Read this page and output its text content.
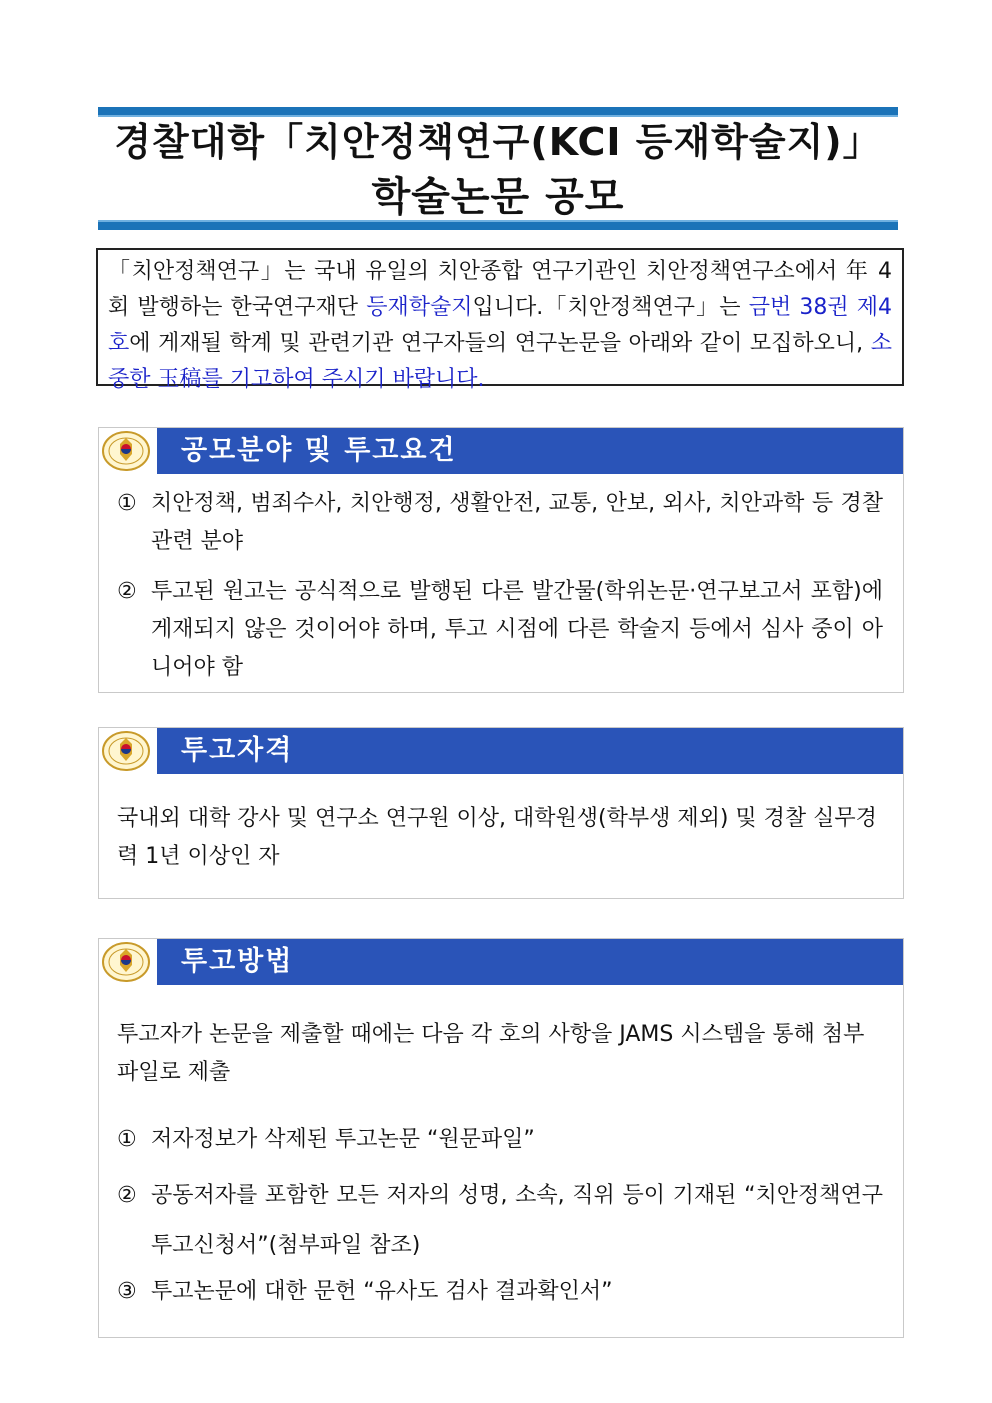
경찰대학「치안정책연구(KCI 등재학술지)」
학술논문 공모
「치안정책연구」는 국내 유일의 치안종합 연구기관인 치안정책연구소에서 年 4회 발행하는 한국연구재단 등재학술지입니다.「치안정책연구」는 금번 38권 제4호에 게재될 학계 및 관련기관 연구자들의 연구논문을 아래와 같이 모집하오니, 소중한 玉稿를 기고하여 주시기 바랍니다.
공모분야 및 투고요건
① 치안정책, 범죄수사, 치안행정, 생활안전, 교통, 안보, 외사, 치안과학 등 경찰관련 분야
② 투고된 원고는 공식적으로 발행된 다른 발간물(학위논문·연구보고서 포함)에 게재되지 않은 것이어야 하며, 투고 시점에 다른 학술지 등에서 심사 중이 아니어야 함
투고자격
국내외 대학 강사 및 연구소 연구원 이상, 대학원생(학부생 제외) 및 경찰 실무경력 1년 이상인 자
투고방법
투고자가 논문을 제출할 때에는 다음 각 호의 사항을 JAMS 시스템을 통해 첨부파일로 제출
① 저자정보가 삭제된 투고논문 “원문파일”
② 공동저자를 포함한 모든 저자의 성명, 소속, 직위 등이 기재된 “치안정책연구 투고신청서”(첨부파일 참조)
③ 투고논문에 대한 문헌 “유사도 검사 결과확인서”
